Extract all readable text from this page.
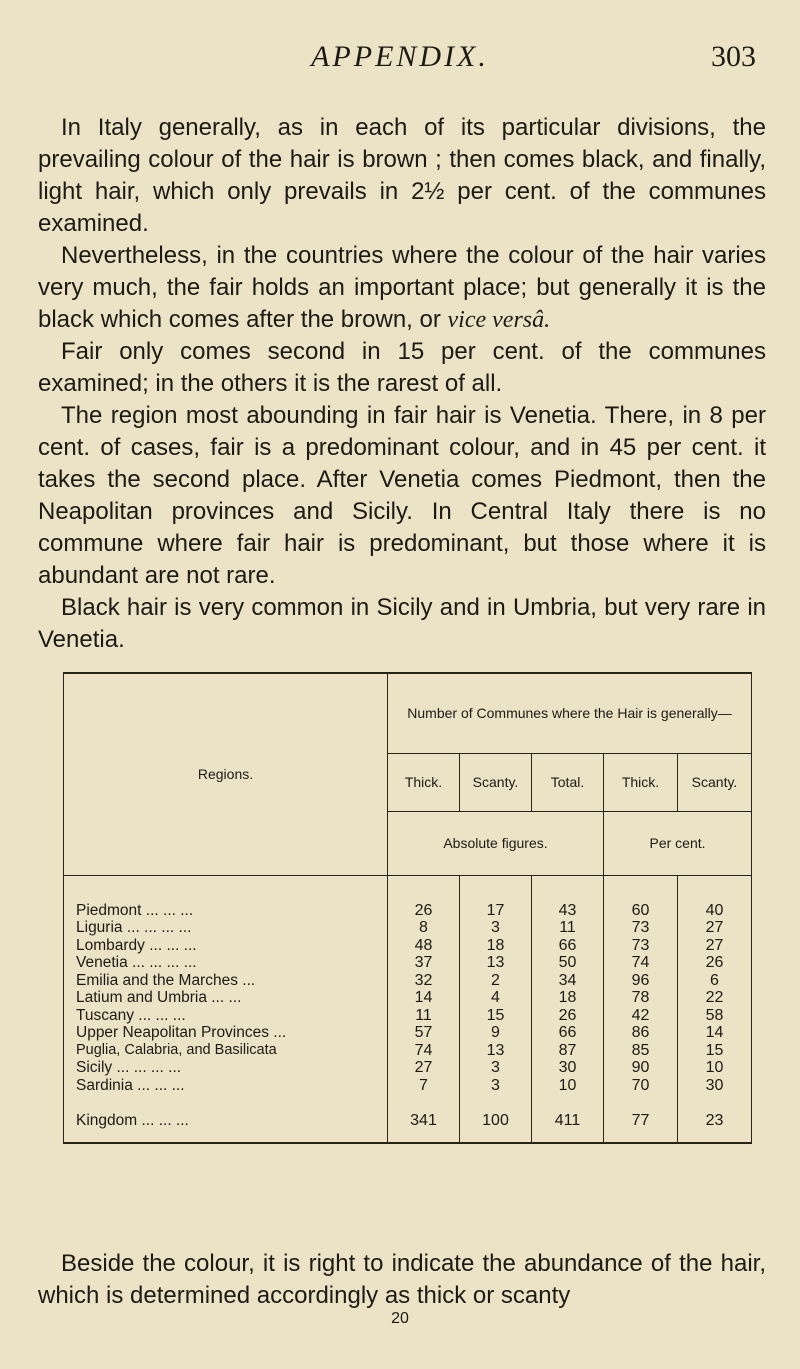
APPENDIX.	303

In Italy generally, as in each of its particular divisions, the prevailing colour of the hair is brown ; then comes black, and finally, light hair, which only prevails in 2½ per cent. of the communes examined.

Nevertheless, in the countries where the colour of the hair varies very much, the fair holds an important place; but generally it is the black which comes after the brown, or vice versâ.

Fair only comes second in 15 per cent. of the communes examined; in the others it is the rarest of all.

The region most abounding in fair hair is Venetia. There, in 8 per cent. of cases, fair is a predominant colour, and in 45 per cent. it takes the second place. After Venetia comes Piedmont, then the Neapolitan provinces and Sicily. In Central Italy there is no commune where fair hair is predominant, but those where it is abundant are not rare.

Black hair is very common in Sicily and in Umbria, but very rare in Venetia.

Regions.	Number of Communes where the Hair is generally—				
	Thick.	Scanty.	Total.	Thick.	Scanty.
	Absolute figures.			Per cent.	
Piedmont ... ... ...	26	17	43	60	40
Liguria ... ... ... ...	8	3	11	73	27
Lombardy ... ... ...	48	18	66	73	27
Venetia ... ... ... ...	37	13	50	74	26
Emilia and the Marches ...	32	2	34	96	6
Latium and Umbria ... ...	14	4	18	78	22
Tuscany ... ... ...	11	15	26	42	58
Upper Neapolitan Provinces ...	57	9	66	86	14
Puglia, Calabria, and Basilicata	74	13	87	85	15
Sicily ... ... ... ...	27	3	30	90	10
Sardinia ... ... ...	7	3	10	70	30
Kingdom ... ... ...	341	100	411	77	23

Beside the colour, it is right to indicate the abundance of the hair, which is determined accordingly as thick or scanty

20
